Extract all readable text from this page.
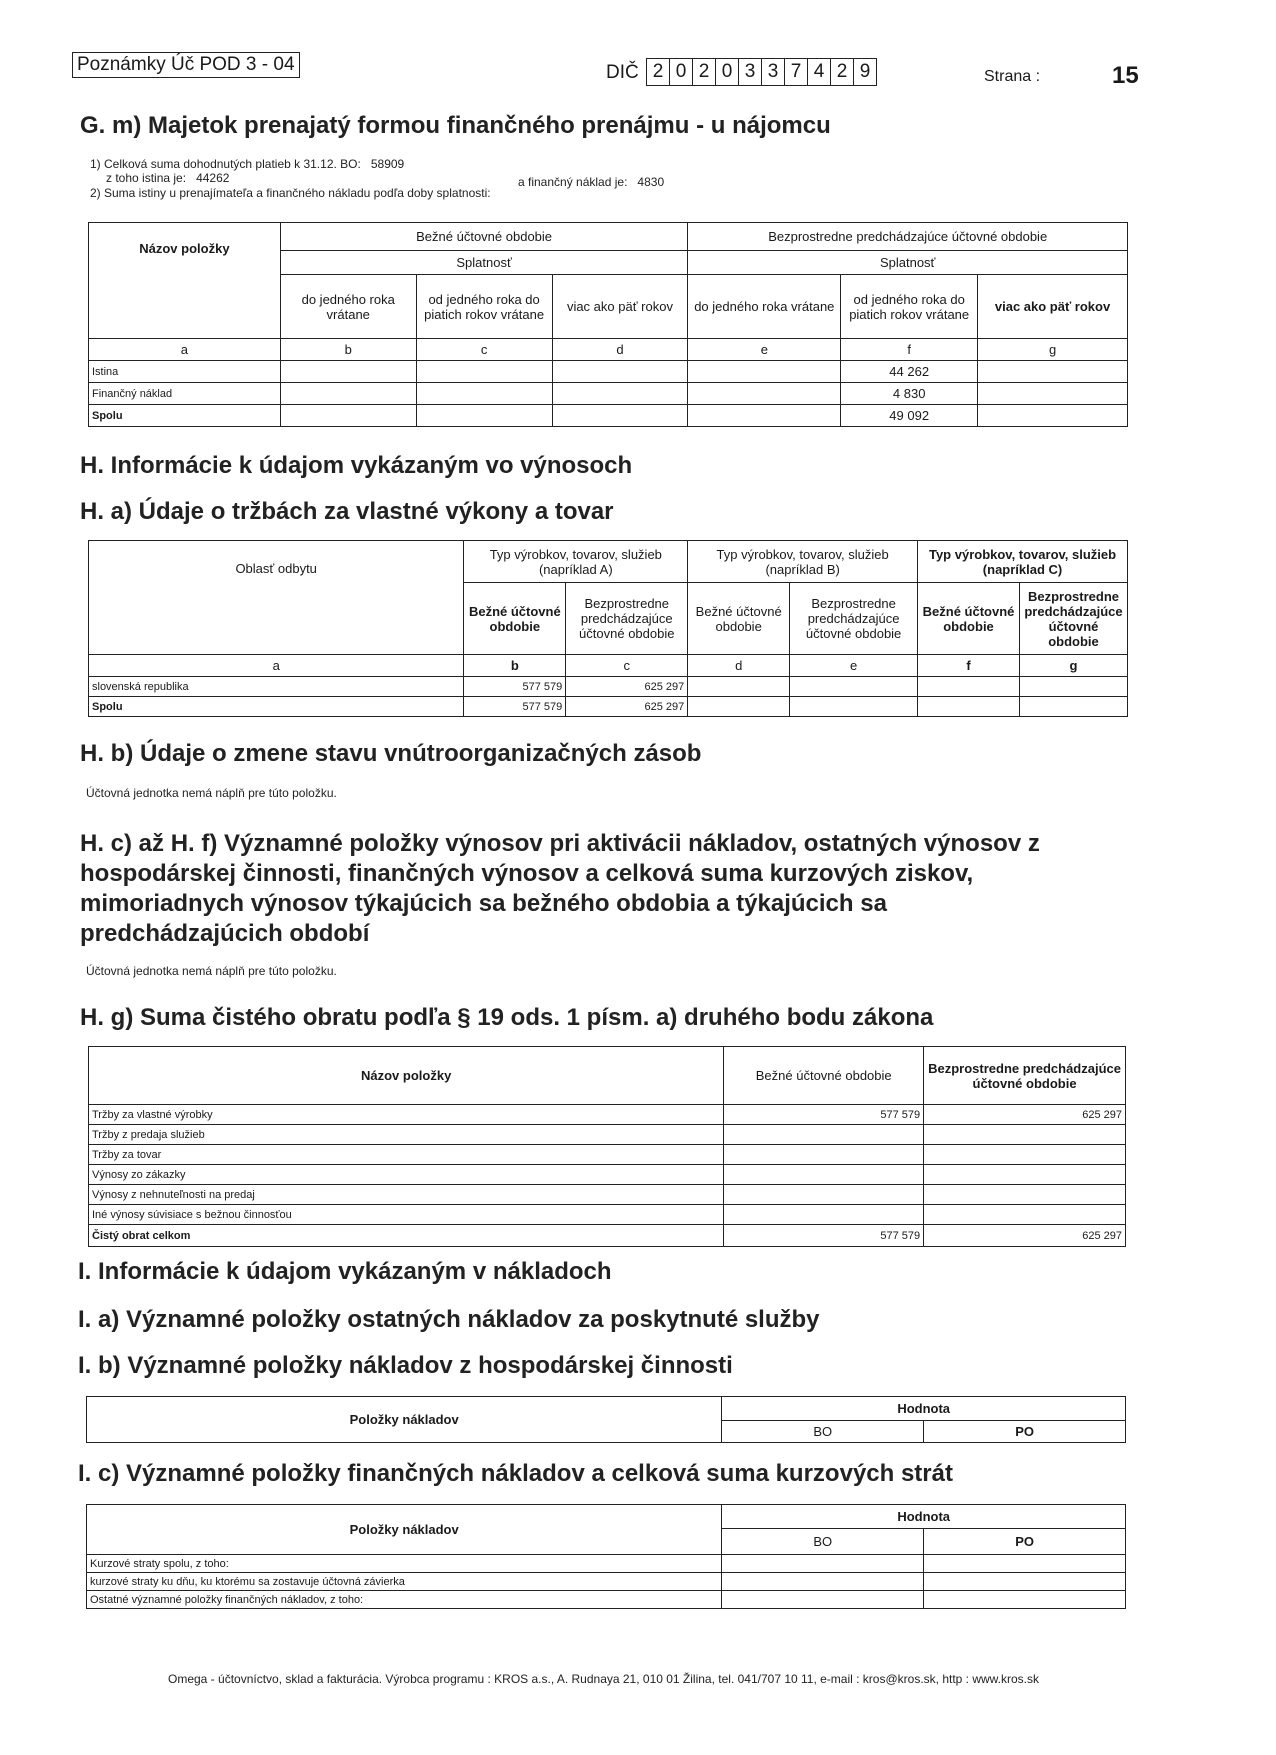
Poznámky Úč POD 3 - 04	DIČ 2 0 2 0 3 3 7 4 2 9	Strana :	15
G. m) Majetok prenajatý formou finančného prenájmu - u nájomcu
1) Celková suma dohodnutých platieb k 31.12. BO: 58909
z toho istina je: 44262	a finančný náklad je: 4830
2) Suma istiny u prenajímateľa a finančného nákladu podľa doby splatnosti:
Názov položky	Bežné účtovné obdobie			Bezprostredne predchádzajúce účtovné obdobie		
	Splatnosť			Splatnosť		
	do jedného roka vrátane	od jedného roka do piatich rokov vrátane	viac ako päť rokov	do jedného roka vrátane	od jedného roka do piatich rokov vrátane	viac ako päť rokov
a	b	c	d	e	f	g
Istina					44 262	
Finančný náklad					4 830	
Spolu					49 092	
H. Informácie k údajom vykázaným vo výnosoch
H. a) Údaje o tržbách za vlastné výkony a tovar
Oblasť odbytu	Typ výrobkov, tovarov, služieb (napríklad A)		Typ výrobkov, tovarov, služieb (napríklad B)		Typ výrobkov, tovarov, služieb (napríklad C)	
	Bežné účtovné obdobie	Bezprostredne predchádzajúce účtovné obdobie	Bežné účtovné obdobie	Bezprostredne predchádzajúce účtovné obdobie	Bežné účtovné obdobie	Bezprostredne predchádzajúce účtovné obdobie
a	b	c	d	e	f	g
slovenská republika	577 579	625 297				
Spolu	577 579	625 297				
H. b) Údaje o zmene stavu vnútroorganizačných zásob
Účtovná jednotka nemá náplň pre túto položku.
H. c) až H. f) Významné položky výnosov pri aktivácii nákladov, ostatných výnosov z
hospodárskej činnosti, finančných výnosov a celková suma kurzových ziskov,
mimoriadnych výnosov týkajúcich sa bežného obdobia a týkajúcich sa
predchádzajúcich období
Účtovná jednotka nemá náplň pre túto položku.
H. g) Suma čistého obratu podľa § 19 ods. 1 písm. a) druhého bodu zákona
Názov položky	Bežné účtovné obdobie	Bezprostredne predchádzajúce účtovné obdobie
Tržby za vlastné výrobky	577 579	625 297
Tržby z predaja služieb		
Tržby za tovar		
Výnosy zo zákazky		
Výnosy z nehnuteľnosti na predaj		
Iné výnosy súvisiace s bežnou činnosťou		
Čistý obrat celkom	577 579	625 297
I. Informácie k údajom vykázaným v nákladoch
I. a) Významné položky ostatných nákladov za poskytnuté služby
I. b) Významné položky nákladov z hospodárskej činnosti
Položky nákladov	Hodnota	
	BO	PO
I. c) Významné položky finančných nákladov a celková suma kurzových strát
Položky nákladov	Hodnota	
	BO	PO
Kurzové straty spolu, z toho:		
kurzové straty ku dňu, ku ktorému sa zostavuje účtovná závierka		
Ostatné významné položky finančných nákladov, z toho:		
Omega - účtovníctvo, sklad a fakturácia. Výrobca programu : KROS a.s., A. Rudnaya 21, 010 01 Žilina, tel. 041/707 10 11, e-mail : kros@kros.sk, http : www.kros.sk
